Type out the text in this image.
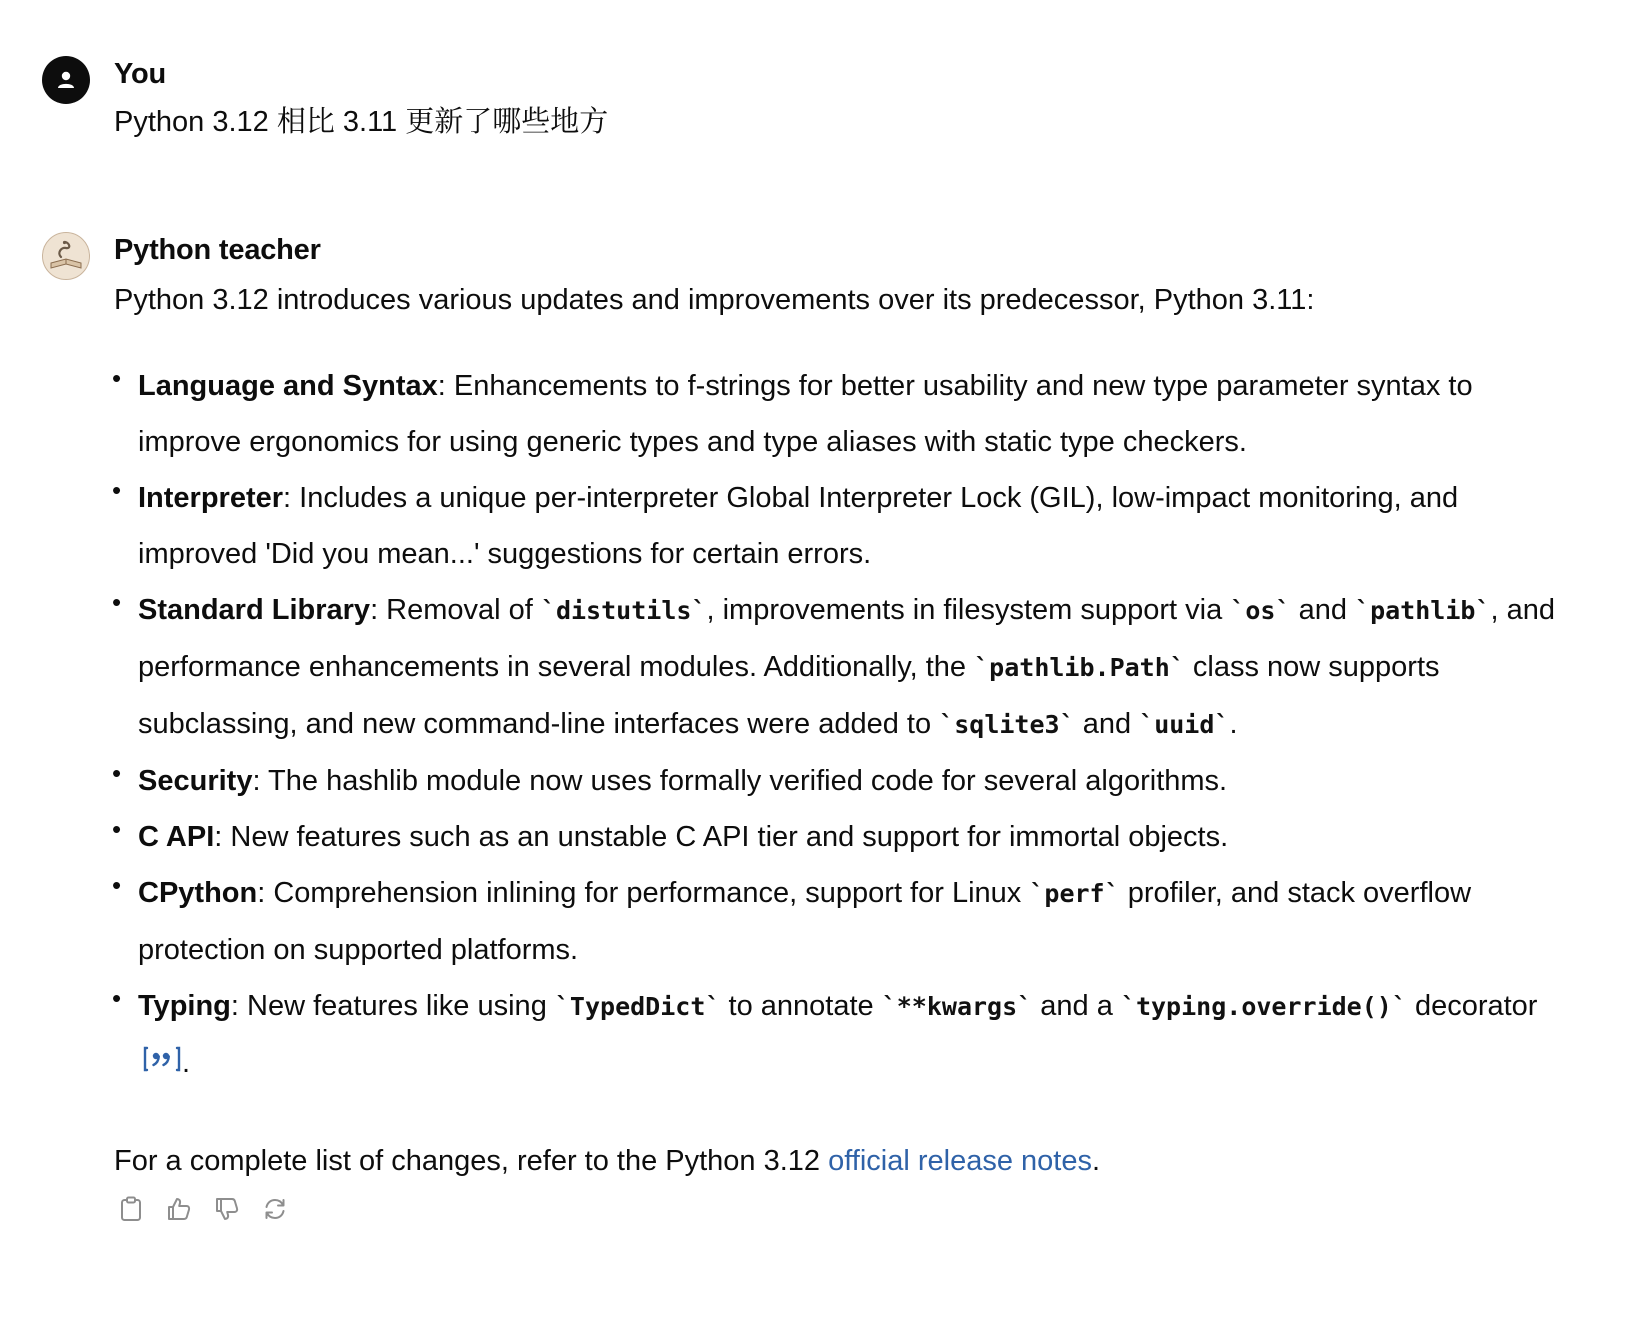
You
Python 3.12 相比 3.11 更新了哪些地方
Python teacher
Python 3.12 introduces various updates and improvements over its predecessor, Python 3.11:
• Language and Syntax: Enhancements to f-strings for better usability and new type parameter syntax to improve ergonomics for using generic types and type aliases with static type checkers.
• Interpreter: Includes a unique per-interpreter Global Interpreter Lock (GIL), low-impact monitoring, and improved 'Did you mean...' suggestions for certain errors.
• Standard Library: Removal of `distutils`, improvements in filesystem support via `os` and `pathlib`, and performance enhancements in several modules. Additionally, the `pathlib.Path` class now supports subclassing, and new command-line interfaces were added to `sqlite3` and `uuid`.
• Security: The hashlib module now uses formally verified code for several algorithms.
• C API: New features such as an unstable C API tier and support for immortal objects.
• CPython: Comprehension inlining for performance, support for Linux `perf` profiler, and stack overflow protection on supported platforms.
• Typing: New features like using `TypedDict` to annotate `**kwargs` and a `typing.override()` decorator .
For a complete list of changes, refer to the Python 3.12 official release notes.
